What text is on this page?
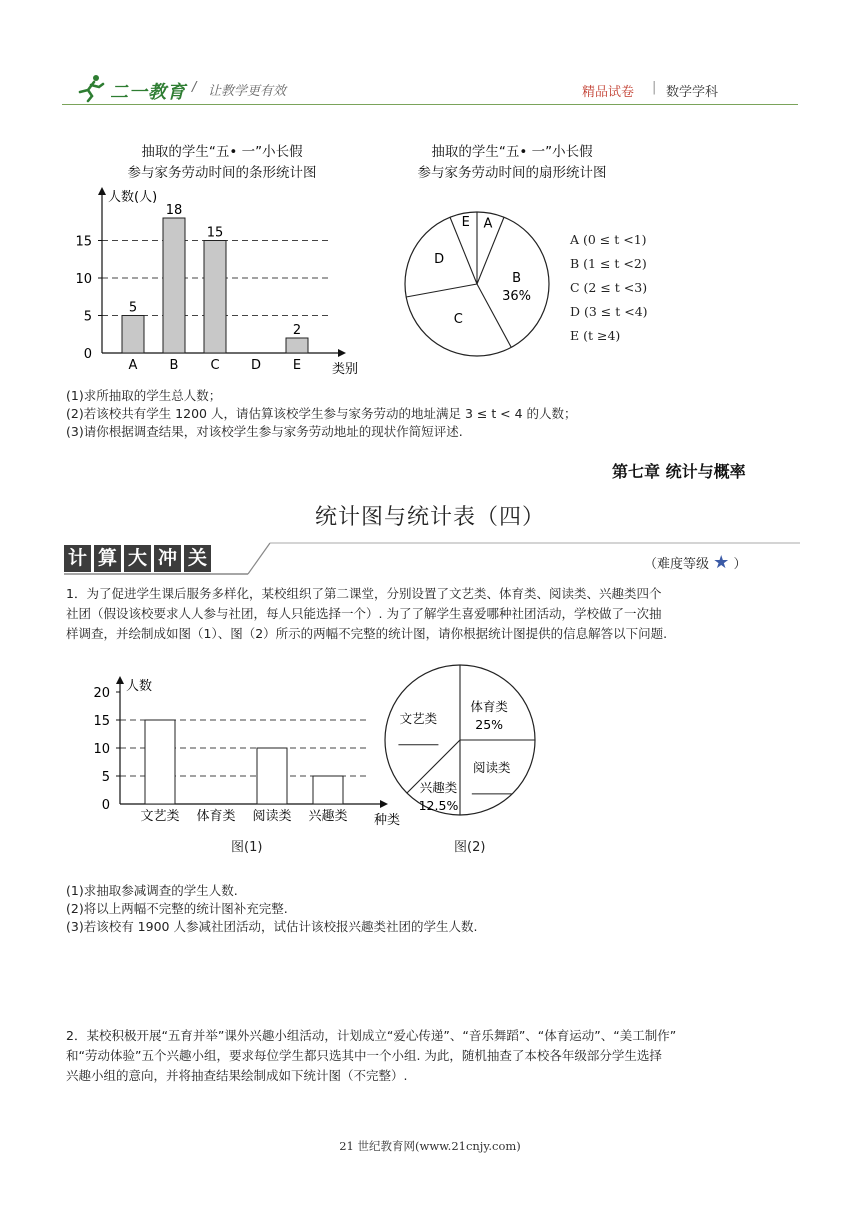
二一教育 / 让教学更有效	精品试卷 | 数学学科
抽取的学生“五• 一”小长假
参与家务劳动时间的条形统计图
抽取的学生“五• 一”小长假
参与家务劳动时间的扇形统计图
0
5
10
15
人数(人)
类别
A
5
B
18
C
15
D E
2
A
B
36%
C
D
E
A (0 ≤ t <1)
B (1 ≤ t <2)
C (2 ≤ t <3)
D (3 ≤ t <4)
E (t ≥4)
(1)求所抽取的学生总人数；
(2)若该校共有学生 1200 人，请估算该校学生参与家务劳动的地址满足 3 ≤ t < 4 的人数；
(3)请你根据调查结果，对该校学生参与家务劳动地址的现状作简短评述.
第七章 统计与概率
统计图与统计表（四）
计 算 大 冲 关	（难度等级 ★ ）
1．为了促进学生课后服务多样化，某校组织了第二课堂，分别设置了文艺类、体育类、阅读类、兴趣类四个
社团（假设该校要求人人参与社团，每人只能选择一个）. 为了了解学生喜爱哪种社团活动，学校做了一次抽
样调查，并绘制成如图（1）、图（2）所示的两幅不完整的统计图，请你根据统计图提供的信息解答以下问题.
0
5
10
15
20 人数
种类
文艺类 体育类 阅读类 兴趣类
体育类
25%
阅读类
兴趣类
12.5%
文艺类
图(1)	图(2)
(1)求抽取参减调查的学生人数.
(2)将以上两幅不完整的统计图补充完整.
(3)若该校有 1900 人参减社团活动，试估计该校报兴趣类社团的学生人数.
2．某校积极开展“五育并举”课外兴趣小组活动，计划成立“爱心传递”、“音乐舞蹈”、“体育运动”、“美工制作”
和“劳动体验”五个兴趣小组，要求每位学生都只选其中一个小组. 为此，随机抽查了本校各年级部分学生选择
兴趣小组的意向，并将抽查结果绘制成如下统计图（不完整）.
21 世纪教育网(www.21cnjy.com)
